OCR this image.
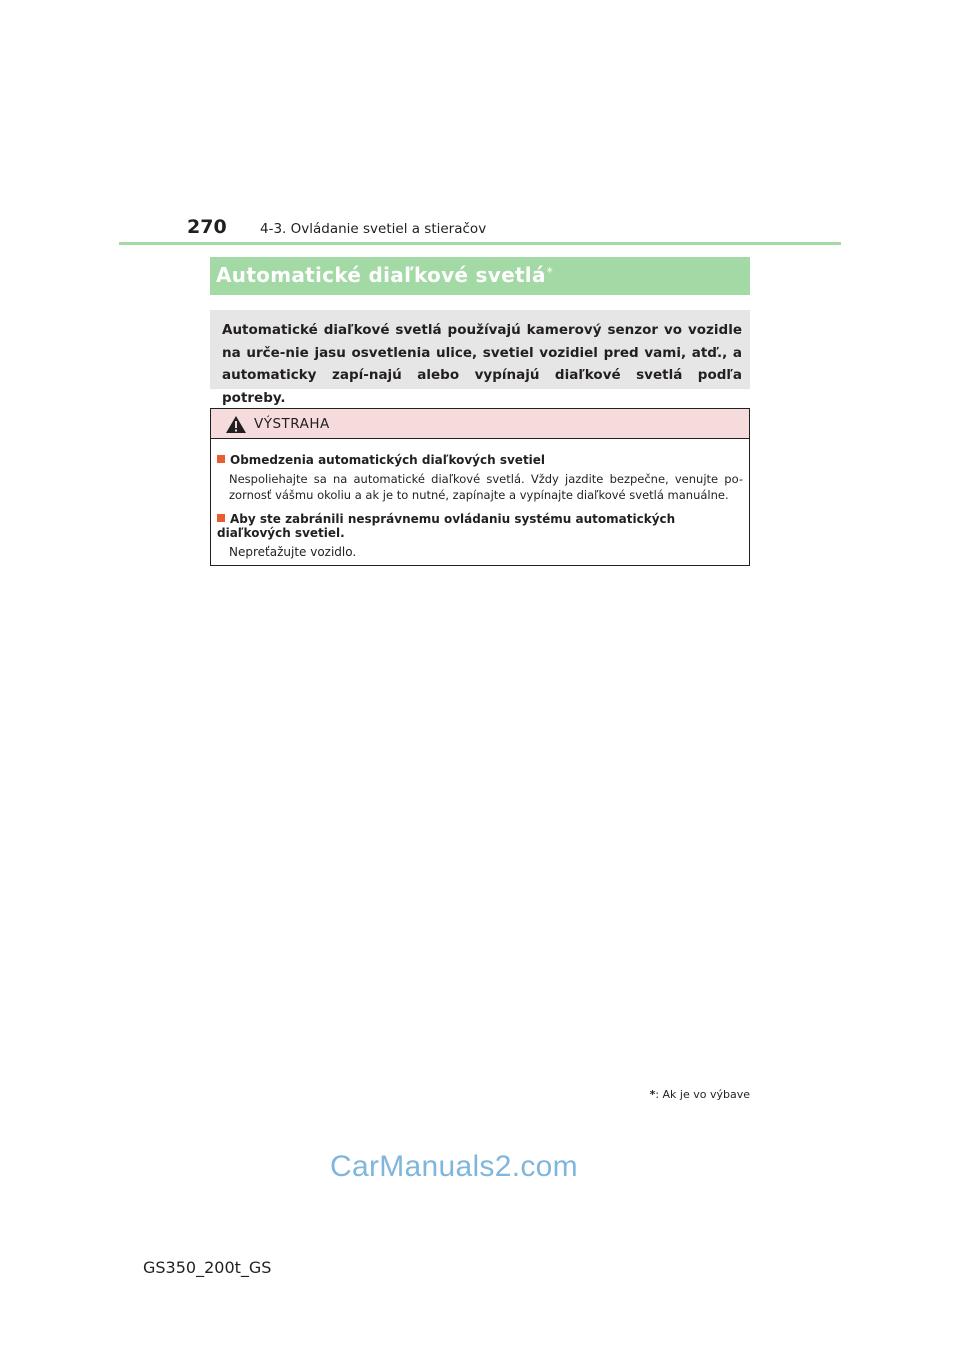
270 4-3. Ovládanie svetiel a stieračov
Automatické diaľkové svetlá*
Automatické diaľkové svetlá používajú kamerový senzor vo vozidle na urče-nie jasu osvetlenia ulice, svetiel vozidiel pred vami, atď., a automaticky zapí-najú alebo vypínajú diaľkové svetlá podľa potreby.
VÝSTRAHA
Obmedzenia automatických diaľkových svetiel
Nespoliehajte sa na automatické diaľkové svetlá. Vždy jazdite bezpečne, venujte po-zornosť vášmu okoliu a ak je to nutné, zapínajte a vypínajte diaľkové svetlá manuálne.
Aby ste zabránili nesprávnemu ovládaniu systému automatických diaľkových svetiel.
Nepreťažujte vozidlo.
*: Ak je vo výbave
CarManuals2.com
GS350_200t_GS
